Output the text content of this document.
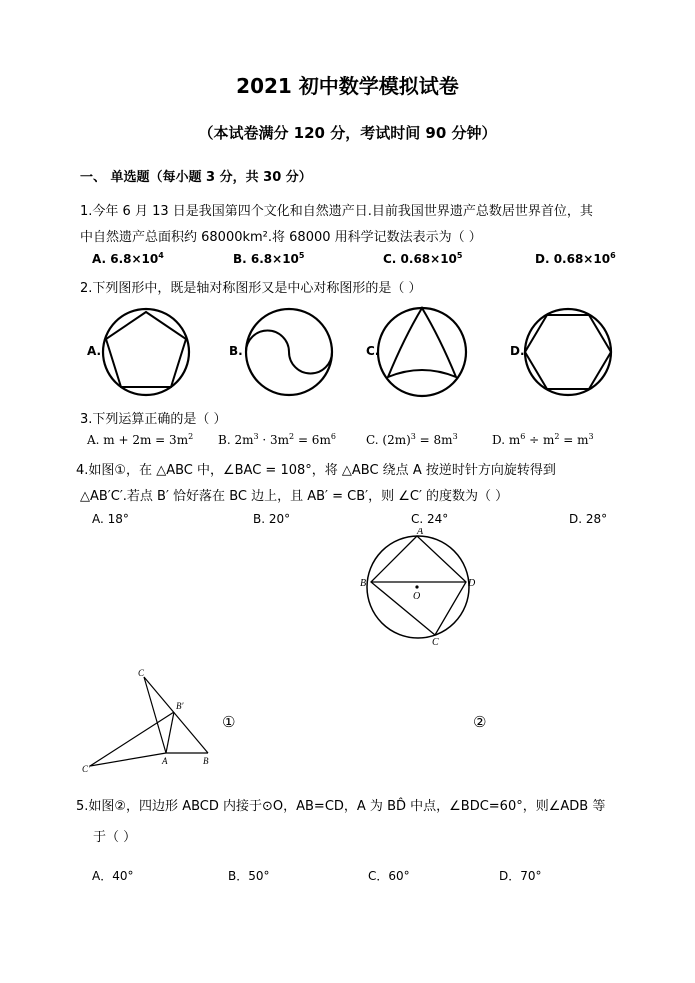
2021 初中数学模拟试卷
（本试卷满分 120 分，考试时间 90 分钟）
一、 单选题（每小题 3 分，共 30 分）
1.今年 6 月 13 日是我国第四个文化和自然遗产日.目前我国世界遗产总数居世界首位，其
中自然遗产总面积约 68000km².将 68000 用科学记数法表示为（ ）
A. $6.8\times 10^4$	B. $6.8\times 10^5$	C. $0.68\times 10^5$	D. $0.68\times 10^6$
2.下列图形中，既是轴对称图形又是中心对称图形的是（ ）
A.	B.	C.	D.
3.下列运算正确的是（ ）
A. $m + 2m = 3m^2$ B. $2m^3 \cdot 3m^2 = 6m^6$	C. $(2m)^3 = 8m^3$	D. $m^6 \div m^2 = m^3$
4.如图①，在 △ABC 中，∠BAC = 108°，将 △ABC 绕点 A 按逆时针方向旋转得到
△AB′C′.若点 B′ 恰好落在 BC 边上，且 AB′ = CB′，则 ∠C′ 的度数为（ ）
A. 18°	B. 20°	C. 24°	D. 28°
A
B
C
D
O
C
B′
C′
A	B
①	②
5.如图②，四边形 ABCD 内接于⊙O，AB=CD，A 为 BD̂ 中点，∠BDC=60°，则∠ADB 等
于（ ）
A．40°	B．50°	C．60°	D．70°
